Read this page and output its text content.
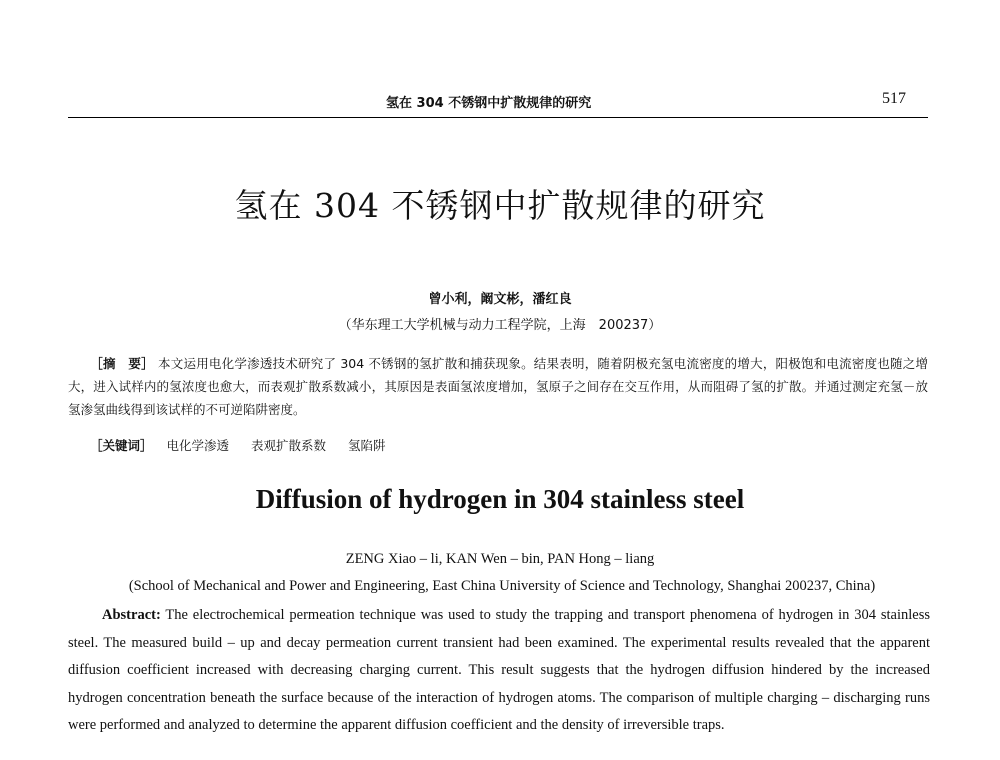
氢在 304 不锈钢中扩散规律的研究	517
氢在 304 不锈钢中扩散规律的研究
曾小利，阚文彬，潘红良
（华东理工大学机械与动力工程学院，上海　200237）
［摘　要］ 本文运用电化学渗透技术研究了 304 不锈钢的氢扩散和捕获现象。结果表明，随着阴极充氢电流密度的增大，阳极饱和电流密度也随之增大，进入试样内的氢浓度也愈大，而表观扩散系数减小，其原因是表面氢浓度增加，氢原子之间存在交互作用，从而阻碍了氢的扩散。并通过测定充氢－放氢渗氢曲线得到该试样的不可逆陷阱密度。
［关键词］ 电化学渗透 表观扩散系数 氢陷阱
Diffusion of hydrogen in 304 stainless steel
ZENG Xiao – li, KAN Wen – bin, PAN Hong – liang
(School of Mechanical and Power and Engineering, East China University of Science and Technology, Shanghai 200237, China)
Abstract: The electrochemical permeation technique was used to study the trapping and transport phenomena of hydrogen in 304 stainless steel. The measured build – up and decay permeation current transient had been examined. The experimental results revealed that the apparent diffusion coefficient increased with decreasing charging current. This result suggests that the hydrogen diffusion hindered by the increased hydrogen concentration beneath the surface because of the interaction of hydrogen atoms. The comparison of multiple charging – discharging runs were performed and analyzed to determine the apparent diffusion coefficient and the density of irreversible traps.
